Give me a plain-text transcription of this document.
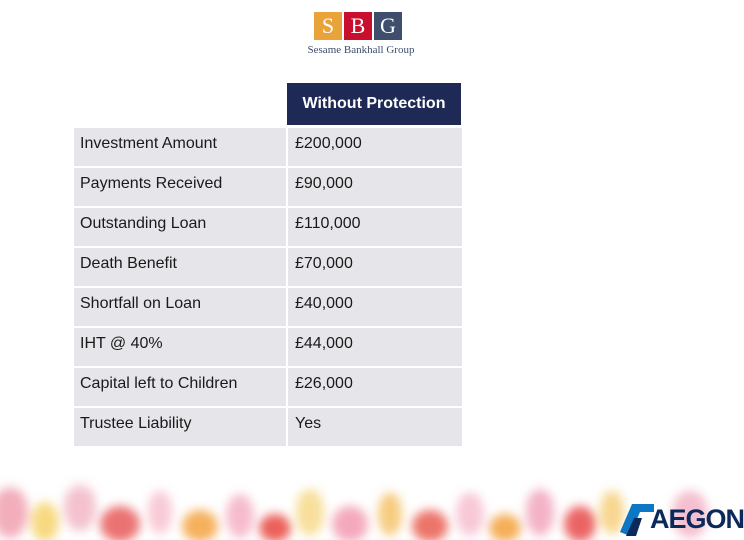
S B G
Sesame Bankhall Group
Without Protection
Investment Amount	£200,000
Payments Received	£90,000
Outstanding Loan	£110,000
Death Benefit	£70,000
Shortfall on Loan	£40,000
IHT @ 40%	£44,000
Capital left to Children	£26,000
Trustee Liability	Yes
AEGON
